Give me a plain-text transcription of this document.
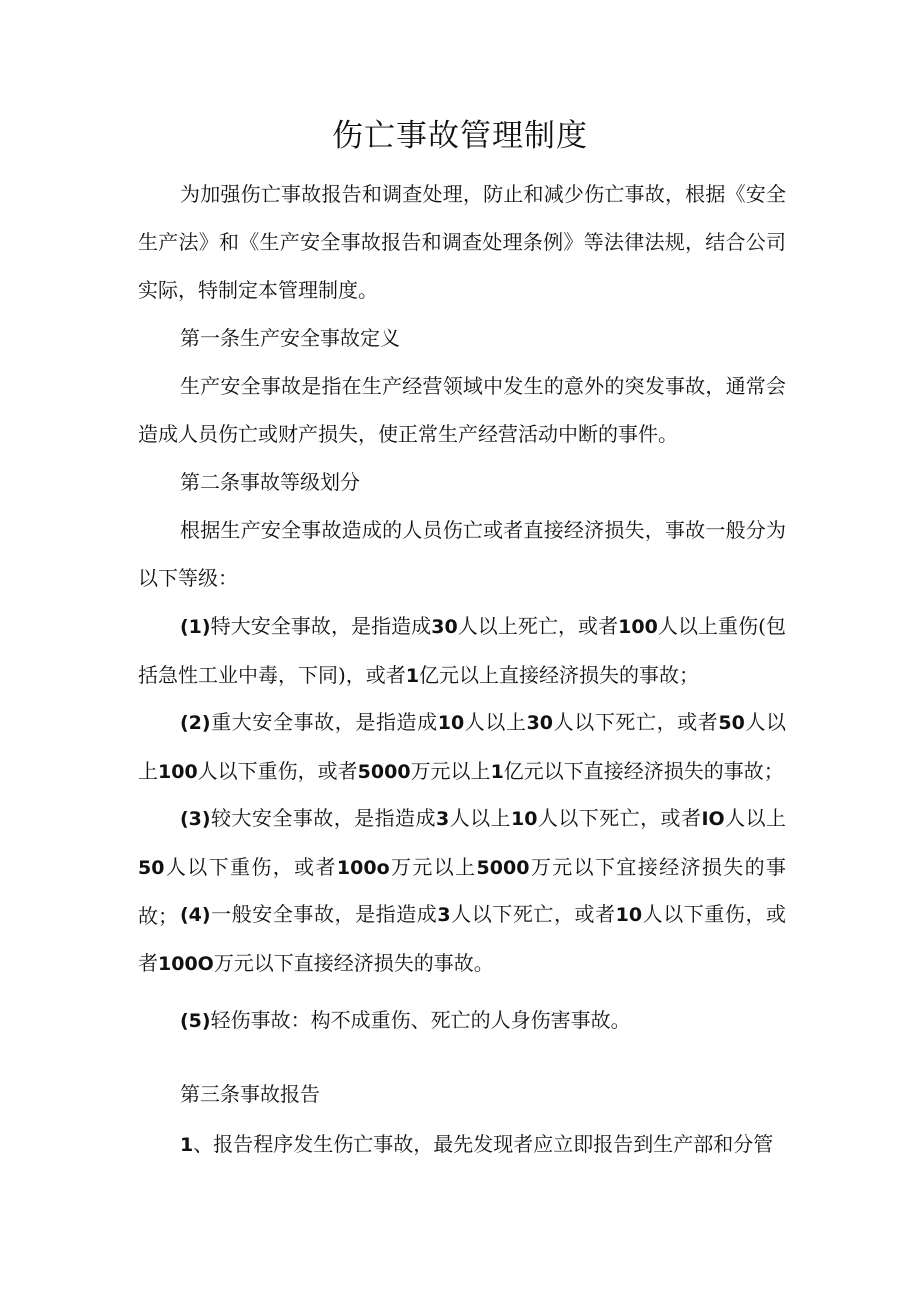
伤亡事故管理制度
为加强伤亡事故报告和调查处理，防止和减少伤亡事故，根据《安全生产法》和《生产安全事故报告和调查处理条例》等法律法规，结合公司实际，特制定本管理制度。
第一条生产安全事故定义
生产安全事故是指在生产经营领域中发生的意外的突发事故，通常会造成人员伤亡或财产损失，使正常生产经营活动中断的事件。
第二条事故等级划分
根据生产安全事故造成的人员伤亡或者直接经济损失，事故一般分为以下等级：
(1)特大安全事故，是指造成30人以上死亡，或者100人以上重伤(包括急性工业中毒，下同)，或者1亿元以上直接经济损失的事故；
(2)重大安全事故，是指造成10人以上30人以下死亡，或者50人以上100人以下重伤，或者5000万元以上1亿元以下直接经济损失的事故；
(3)较大安全事故，是指造成3人以上10人以下死亡，或者IO人以上50人以下重伤，或者100o万元以上5000万元以下宜接经济损失的事故； (4)一般安全事故，是指造成3人以下死亡，或者10人以下重伤，或者100O万元以下直接经济损失的事故。
(5)轻伤事故：构不成重伤、死亡的人身伤害事故。
第三条事故报告
1、报告程序发生伤亡事故，最先发现者应立即报告到生产部和分管
